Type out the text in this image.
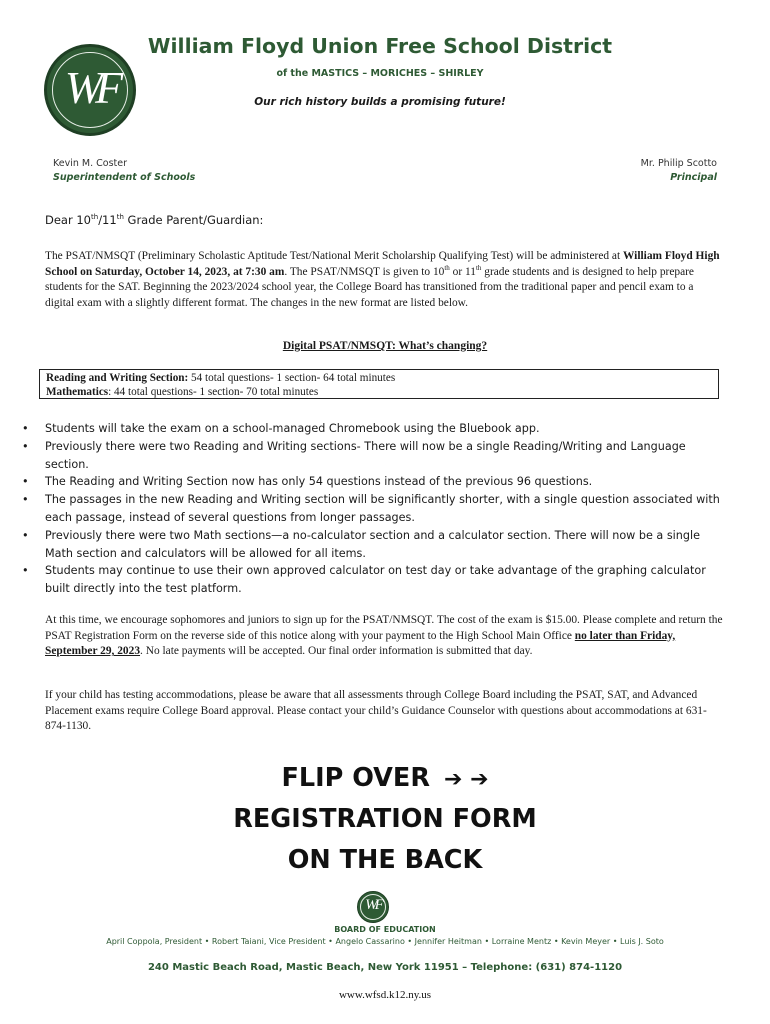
WF
William Floyd Union Free School District
of the MASTICS – MORICHES – SHIRLEY
Our rich history builds a promising future!
Kevin M. Coster
Superintendent of Schools
Mr. Philip Scotto
Principal
Dear 10th/11th Grade Parent/Guardian:

The PSAT/NMSQT (Preliminary Scholastic Aptitude Test/National Merit Scholarship Qualifying Test) will be administered at William Floyd High School on Saturday, October 14, 2023, at 7:30 am. The PSAT/NMSQT is given to 10th or 11th grade students and is designed to help prepare students for the SAT. Beginning the 2023/2024 school year, the College Board has transitioned from the traditional paper and pencil exam to a digital exam with a slightly different format. The changes in the new format are listed below.

Digital PSAT/NMSQT: What’s changing?
Reading and Writing Section: 54 total questions- 1 section- 64 total minutes
Mathematics: 44 total questions- 1 section- 70 total minutes
• Students will take the exam on a school-managed Chromebook using the Bluebook app.
• Previously there were two Reading and Writing sections- There will now be a single Reading/Writing and Language section.
• The Reading and Writing Section now has only 54 questions instead of the previous 96 questions.
• The passages in the new Reading and Writing section will be significantly shorter, with a single question associated with each passage, instead of several questions from longer passages.
• Previously there were two Math sections—a no-calculator section and a calculator section. There will now be a single Math section and calculators will be allowed for all items.
• Students may continue to use their own approved calculator on test day or take advantage of the graphing calculator built directly into the test platform.

At this time, we encourage sophomores and juniors to sign up for the PSAT/NMSQT. The cost of the exam is $15.00. Please complete and return the PSAT Registration Form on the reverse side of this notice along with your payment to the High School Main Office no later than Friday, September 29, 2023. No late payments will be accepted. Our final order information is submitted that day.

If your child has testing accommodations, please be aware that all assessments through College Board including the PSAT, SAT, and Advanced Placement exams require College Board approval. Please contact your child’s Guidance Counselor with questions about accommodations at 631-874-1130.

FLIP OVER ➔ ➔
REGISTRATION FORM
ON THE BACK
WF
BOARD OF EDUCATION
April Coppola, President • Robert Taiani, Vice President • Angelo Cassarino • Jennifer Heitman • Lorraine Mentz • Kevin Meyer • Luis J. Soto
240 Mastic Beach Road, Mastic Beach, New York 11951 – Telephone: (631) 874-1120
www.wfsd.k12.ny.us
